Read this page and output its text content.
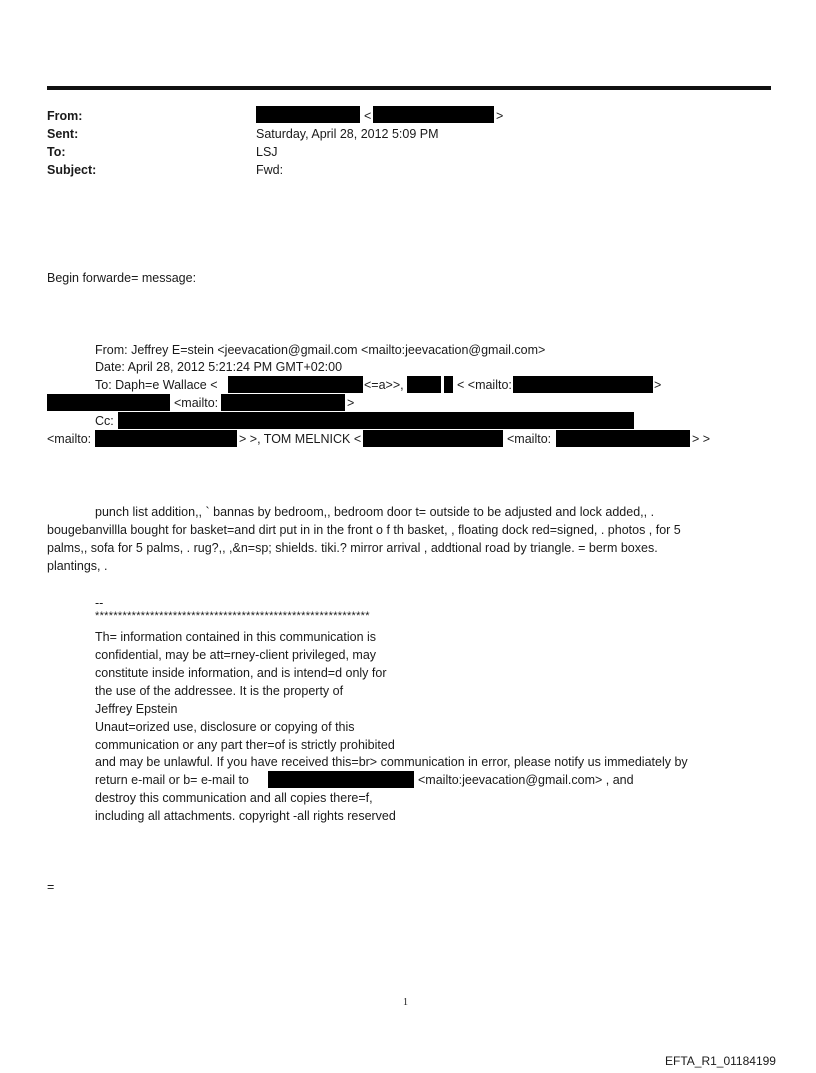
From:	<	>
Sent:	Saturday, April 28, 2012 5:09 PM
To:	LSJ
Subject:	Fwd:
Begin forwarde= message:
From: Jeffrey E=stein <jeevacation@gmail.com <mailto:jeevacation@gmail.com>
Date: April 28, 2012 5:21:24 PM GMT+02:00
To: Daph=e Wallace <	<=a>>,	< <mailto:	>
<mailto:	>
Cc:
<mailto:	> >, TOM MELNICK <	<mailto:	> >
punch list addition,, ` bannas by bedroom,, bedroom door t= outside to be adjusted and lock added,, .
bougebanvillla bought for basket=and dirt put in in the front o f th basket, , floating dock red=signed, . photos , for 5
palms,, sofa for 5 palms, . rug?,, ,&n=sp; shields. tiki.? mirror arrival , addtional road by triangle. = berm boxes.
plantings, .
--
************************************************************
Th= information contained in this communication is
confidential, may be att=rney-client privileged, may
constitute inside information, and is intend=d only for
the use of the addressee. It is the property of
Jeffrey Epstein
Unaut=orized use, disclosure or copying of this
communication or any part ther=of is strictly prohibited
and may be unlawful. If you have received this=br> communication in error, please notify us immediately by
return e-mail or b= e-mail to	<mailto:jeevacation@gmail.com> , and
destroy this communication and all copies there=f,
including all attachments. copyright -all rights reserved
=
1
EFTA_R1_01184199
